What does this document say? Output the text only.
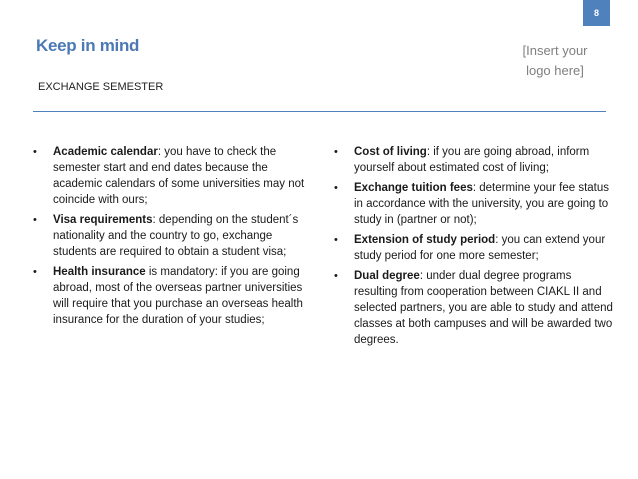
8
Keep in mind	[Insert your
logo here]
EXCHANGE SEMESTER
• Academic calendar: you have to check the semester start and end dates because the academic calendars of some universities may not coincide with ours;
• Visa requirements: depending on the student´s nationality and the country to go, exchange students are required to obtain a student visa;
• Health insurance is mandatory: if you are going abroad, most of the overseas partner universities will require that you purchase an overseas health insurance for the duration of your studies;
• Cost of living: if you are going abroad, inform yourself about estimated cost of living;
• Exchange tuition fees: determine your fee status in accordance with the university, you are going to study in (partner or not);
• Extension of study period: you can extend your study period for one more semester;
• Dual degree: under dual degree programs resulting from cooperation between CIAKL II and selected partners, you are able to study and attend classes at both campuses and will be awarded two degrees.
